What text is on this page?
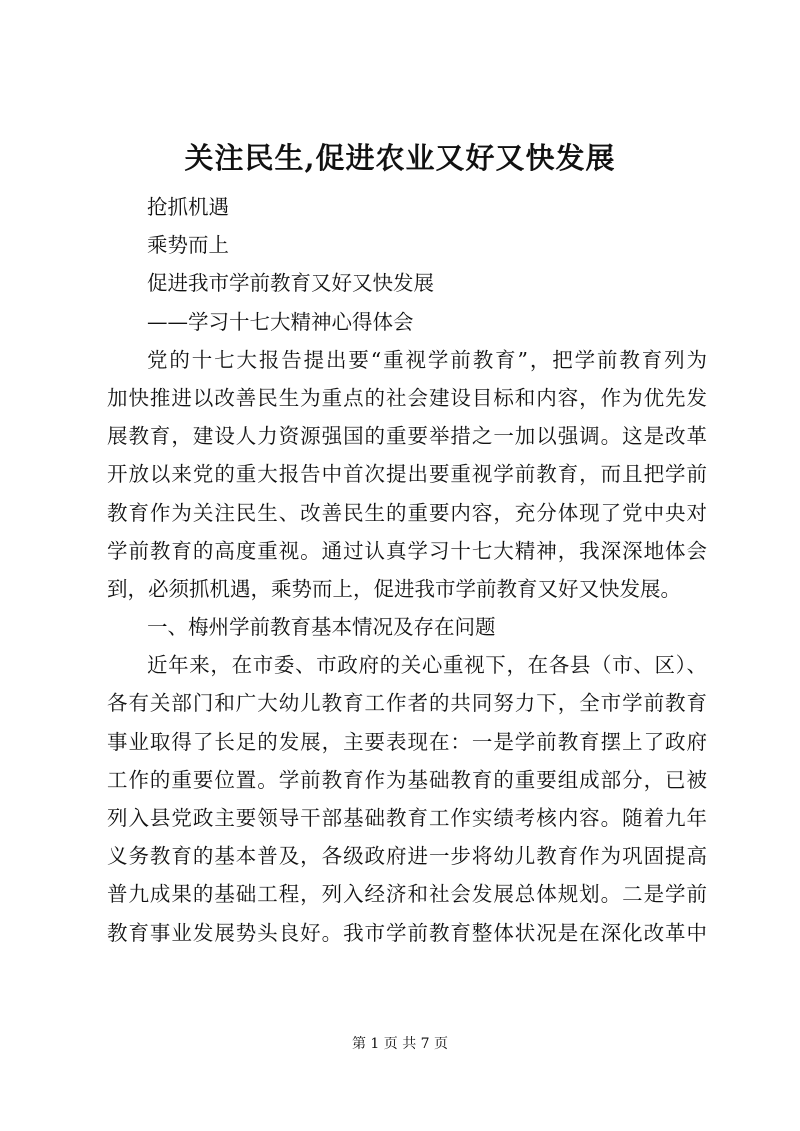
关注民生,促进农业又好又快发展
抢抓机遇
乘势而上
促进我市学前教育又好又快发展
——学习十七大精神心得体会
党的十七大报告提出要“重视学前教育”，把学前教育列为
加快推进以改善民生为重点的社会建设目标和内容，作为优先发
展教育，建设人力资源强国的重要举措之一加以强调。这是改革
开放以来党的重大报告中首次提出要重视学前教育，而且把学前
教育作为关注民生、改善民生的重要内容，充分体现了党中央对
学前教育的高度重视。通过认真学习十七大精神，我深深地体会
到，必须抓机遇，乘势而上，促进我市学前教育又好又快发展。
一、梅州学前教育基本情况及存在问题
近年来，在市委、市政府的关心重视下，在各县（市、区）、
各有关部门和广大幼儿教育工作者的共同努力下，全市学前教育
事业取得了长足的发展，主要表现在：一是学前教育摆上了政府
工作的重要位置。学前教育作为基础教育的重要组成部分，已被
列入县党政主要领导干部基础教育工作实绩考核内容。随着九年
义务教育的基本普及，各级政府进一步将幼儿教育作为巩固提高
普九成果的基础工程，列入经济和社会发展总体规划。二是学前
教育事业发展势头良好。我市学前教育整体状况是在深化改革中
第 1 页 共 7 页
